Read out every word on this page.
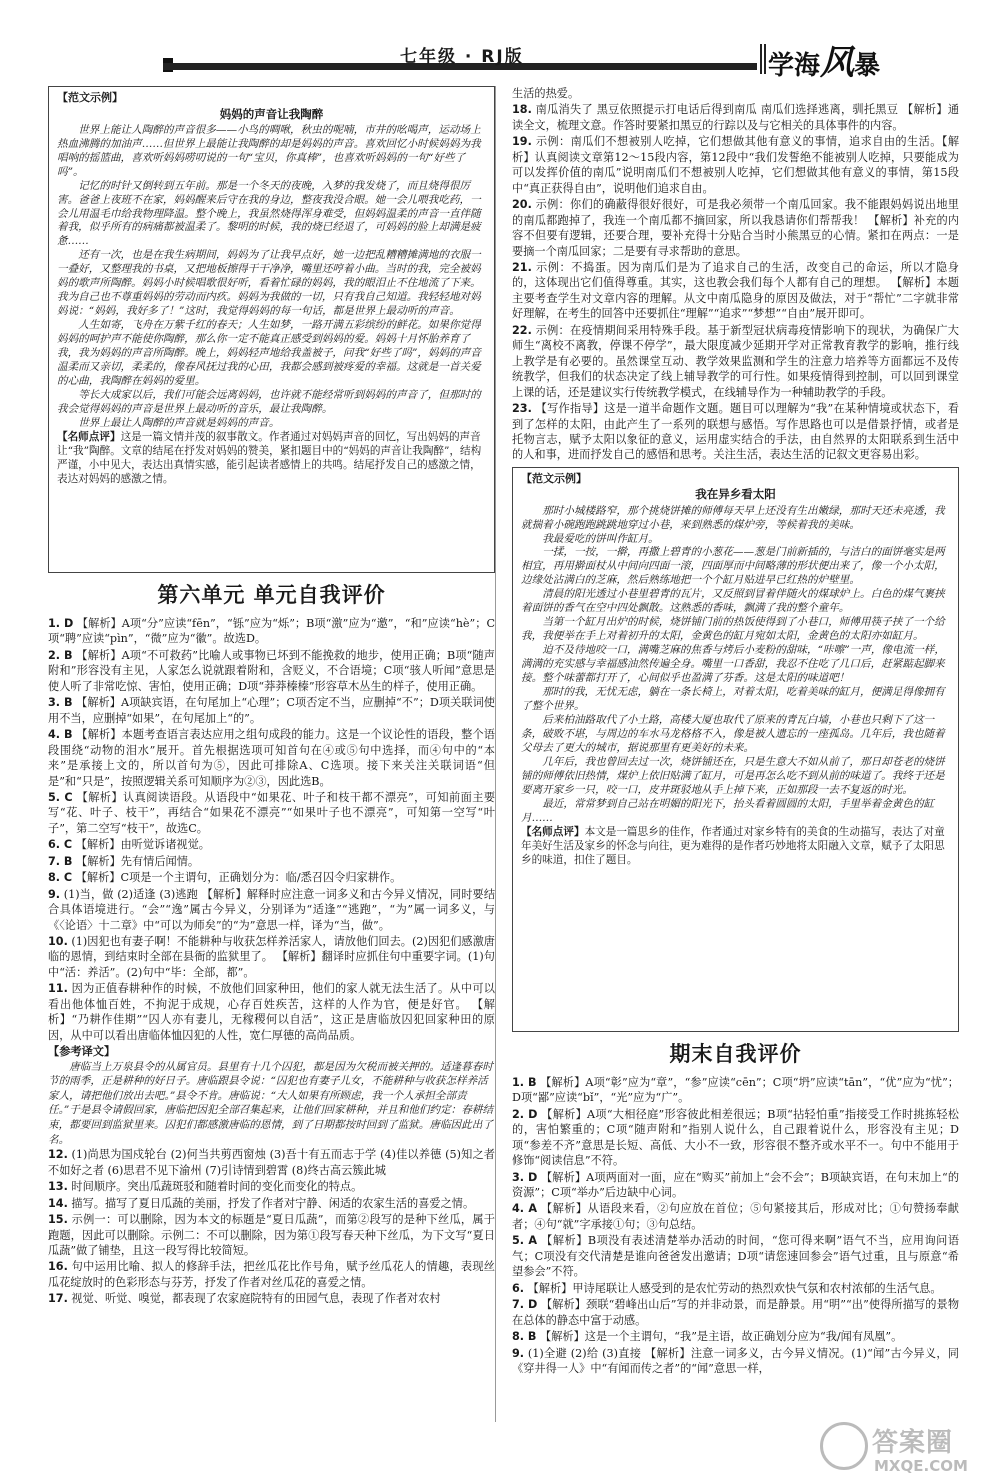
七年级 · RJ版	学海风暴
【范文示例】
妈妈的声音让我陶醉

世界上能让人陶醉的声音很多——小鸟的啁啾，秋虫的呢喃，市井的吆喝声，运动场上热血沸腾的加油声……但世界上最能让我陶醉的却是妈妈的声音。喜欢回忆小时候妈妈为我唱响的摇篮曲，喜欢听妈妈唠叨说的一句“宝贝，你真棒”，也喜欢听妈妈的一句“好些了吗”。

记忆的时针又倒转到五年前。那是一个冬天的夜晚，入梦的我发烧了，而且烧得很厉害。爸爸上夜班不在家，妈妈醒来后守在我的身边，整夜我没合眼。她一会儿喂我吃药，一会儿用温毛巾给我物理降温。整个晚上，我虽然烧得浑身难受，但妈妈温柔的声音一直伴随着我，似乎所有的病痛都被温柔了。黎明的时候，我的烧已经退了，可妈妈的脸上却满是疲惫……

还有一次，也是在我生病期间，妈妈为了让我早点好，她一边把乱糟糟摊满地的衣服一一叠好，又整理我的书桌，又把地板擦得干干净净，嘴里还哼着小曲。当时的我，完全被妈妈的歌声所陶醉。妈妈小时候唱歌很好听，看着忙碌的妈妈，我的眼泪止不住地流了下来。我为自己也不尊重妈妈的劳动而内疚。妈妈为我做的一切，只有我自己知道。我轻轻地对妈妈说：“妈妈，我好多了！”这时，我觉得妈妈的每一句话，都是世界上最动听的声音。

人生如寄，飞舟在万紫千红的春天；人生如梦，一路开满五彩缤纷的鲜花。如果你觉得妈妈的呵护声不能使你陶醉，那么你一定不能真正感受到妈妈的爱。妈妈十月怀胎养育了我，我为妈妈的声音所陶醉。晚上，妈妈轻声地给我盖被子，问我“好些了吗”，妈妈的声音温柔而又亲切，柔柔的，像春风抚过我的心田，我都会感到被疼爱的幸福。这就是一首关爱的心曲，我陶醉在妈妈的爱里。

等长大成家以后，我们可能会远离妈妈，也许就不能经常听到妈妈的声音了，但那时的我会觉得妈妈的声音是世界上最动听的音乐，最让我陶醉。

世界上最让人陶醉的声音就是妈妈的声音。

【名师点评】这是一篇文情并茂的叙事散文。作者通过对妈妈声音的回忆，写出妈妈的声音让“我”陶醉。文章的结尾在抒发对妈妈的赞美，紧扣题目中的“妈妈的声音让我陶醉”，结构严谨，小中见大，表达出真情实感，能引起读者感情上的共鸣。结尾抒发自己的感激之情，表达对妈妈的感激之情。

第六单元 单元自我评价
1. D 【解析】A项“分”应读“fēn”，“铄”应为“烁”；B项“激”应为“邀”，“和”应读“hè”；C项“聘”应读“pìn”，“微”应为“徽”。故选D。
2. B 【解析】A项“不可救药”比喻人或事物已坏到不能挽救的地步，使用正确；B项“随声附和”形容没有主见，人家怎么说就跟着附和，含贬义，不合语境；C项“骇人听闻”意思是使人听了非常吃惊、害怕，使用正确；D项“莽莽榛榛”形容草木丛生的样子，使用正确。
3. B 【解析】A项缺宾语，在句尾加上“心理”；C项否定不当，应删掉“不”；D项关联词使用不当，应删掉“如果”，在句尾加上“的”。
4. B 【解析】本题考查语言表达应用之组句成段的能力。这是一个议论性的语段，整个语段围绕“动物的泪水”展开。首先根据选项可知首句在④或⑤句中选择，而④句中的“本来”是承接上文的，所以首句为⑤，因此可排除A、C选项。接下来关注关联词语“但是”和“只是”，按照逻辑关系可知顺序为②③，因此选B。
5. C 【解析】认真阅读语段。从语段中“如果花、叶子和枝干都不漂亮”，可知前面主要写“花、叶子、枝干”，再结合“如果花不漂亮”“如果叶子也不漂亮”，可知第一空写“叶子”，第二空写“枝干”，故选C。
6. C 【解析】由听觉诉诸视觉。
7. B 【解析】先有情后闻情。
8. C 【解析】C项是一个主谓句，正确划分为：临/悉召囚令归家耕作。
9. (1)当，做 (2)适逢 (3)逃跑 【解析】解释时应注意一词多义和古今异义情况，同时要结合具体语境进行。“会”“逸”属古今异义，分别译为“适逢”“逃跑”，“为”属一词多义，与《〈论语〉十二章》中“可以为师矣”的“为”意思一样，译为“当，做”。
10. (1)因犯也有妻子啊！不能耕种与收获怎样养活家人，请放他们回去。(2)因犯们感激唐临的恩情，到结束时全部在县衙的监狱里了。 【解析】翻译时应抓住句中重要字词。(1)句中“活：养活”。(2)句中“毕：全部，都”。
11. 因为正值春耕种作的时候，不放他们回家种田，他们的家人就无法生活了。从中可以看出他体恤百姓，不拘泥于成规，心存百姓疾苦，这样的人作为官，便是好官。 【解析】“乃耕作佳期”“囚人亦有妻儿，无稼稷何以自活”，这正是唐临放囚犯回家种田的原因，从中可以看出唐临体恤囚犯的人性，宽仁厚德的高尚品质。
【参考译文】
唐临当上万泉县令的从属官员。县里有十几个囚犯，都是因为欠税而被关押的。适逢暮春时节的雨季，正是耕种的好日子。唐临跟县令说：“囚犯也有妻子儿女，不能耕种与收获怎样养活家人，请把他们放出去吧。”县令不肯。唐临说：“大人如果有所顾虑，我一个人承担全部责任。”于是县令请假回家，唐临把因犯全部召集起来，让他们回家耕种，并且和他们约定：春耕结束，都要回到监狱里来。囚犯们都感激唐临的恩情，到了日期都按时回到了监狱。唐临因此出了名。
12. (1)尚思为国戍轮台 (2)何当共剪西窗烛 (3)吾十有五而志于学 (4)佳以养德 (5)知之者不如好之者 (6)思君不见下渝州 (7)引诗情到碧霄 (8)终古高云簇此城
13. 时间顺序。突出瓜蔬斑驳和随着时间的变化而变化的特点。
14. 描写。描写了夏日瓜蔬的美丽，抒发了作者对宁静、闲适的农家生活的喜爱之情。
15. 示例一：可以删除，因为本文的标题是“夏日瓜蔬”，而第②段写的是种下丝瓜，属于跑题，因此可以删除。示例二：不可以删除，因为第①段写春天种下丝瓜，为下文写“夏日瓜蔬”做了铺垫，且这一段写得比较简短。
16. 句中运用比喻、拟人的修辞手法，把丝瓜花比作号角，赋予丝瓜花人的情趣，表现丝瓜花绽放时的色彩形态与芬芳，抒发了作者对丝瓜花的喜爱之情。
17. 视觉、听觉、嗅觉，都表现了农家庭院特有的田园气息，表现了作者对农村
生活的热爱。
18. 南瓜消失了 黑豆依照提示打电话后得到南瓜 南瓜们选择逃离，驯托黑豆 【解析】通读全文，梳理文意。作答时要紧扣黑豆的行踪以及与它相关的具体事件的内容。
19. 示例：南瓜们不想被别人吃掉，它们想做其他有意义的事情，追求自由的生活。【解析】认真阅读文章第12～15段内容，第12段中“我们发誓绝不能被别人吃掉，只要能成为可以发挥价值的南瓜”说明南瓜们不想被别人吃掉，它们想做其他有意义的事情，第15段中“真正获得自由”，说明他们追求自由。
20. 示例：你们的确蔽得很好很好，可是我必须带一个南瓜回家。我不能跟妈妈说出地里的南瓜都跑掉了，我连一个南瓜都不摘回家，所以我恳请你们帮帮我！ 【解析】补充的内容不但要有逻辑，还要合理，要补充得十分贴合当时小熊黑豆的心情。紧扣在两点：一是要摘一个南瓜回家；二是要有寻求帮助的意思。
21. 示例：不捣蛋。因为南瓜们是为了追求自己的生活，改变自己的命运，所以才隐身的，这体现出它们值得尊重。其实，这也教会我们每个人都有自己的理想。 【解析】本题主要考查学生对文章内容的理解。从文中南瓜隐身的原因及做法，对于“帮忙”二字就非常好理解，在考生的回答中还要抓住“理解”“追求”“梦想”“自由”展开即可。
22. 示例：在疫情期间采用特殊手段。基于新型冠状病毒疫情影响下的现状，为确保广大师生“离校不离教，停课不停学”，最大限度减少延期开学对正常教育教学的影响，推行线上教学是有必要的。虽然课堂互动、教学效果监测和学生的注意力培养等方面都远不及传统教学，但我们的状态决定了线上辅导教学的可行性。如果疫情得到控制，可以回到课堂上课的话，还是建议实行传统教学模式，在线辅导作为一种辅助教学的手段。
23. 【写作指导】这是一道半命题作文题。题目可以理解为“我”在某种情境或状态下，看到了怎样的太阳，由此产生了一系列的联想与感悟。写作思路也可以是借景抒情，或者是托物言志，赋予太阳以象征的意义，运用虚实结合的手法，由自然界的太阳联系到生活中的人和事，进而抒发自己的感悟和思考。关注生活，表达生活的记叙文更容易出彩。
【范文示例】
我在异乡看太阳

那时小城楼路窄，那个挑烧饼摊的师傅每天早上还没有生出嫩绿，那时天还未亮透，我就揣着小碗跑跑跳跳地穿过小巷，来到熟悉的煤炉旁，等候着我的美味。

我最爱吃的饼叫作缸月。

一揉，一按，一擀，再撒上碧青的小葱花——葱是门前新插的，与洁白的面饼毫实是两相宜，再用擀面杖从中间向四面一滚，四面厚而中间略薄的形状便出来了，像一个小太阳，边缘处沾满白的芝麻，然后熟练地把一个个缸月贴进早已红热的炉壁里。

清晨的阳光透过小巷里碧青的瓦片，又反照到冒着伴随火的煤球炉上。白色的煤气裹挟着面饼的香气在空中四处飘散。这熟悉的香味，飘满了我的整个童年。

当第一个缸月出炉的时候，烧饼铺门前的热饭使得到了小巷口，师傅用筷子挟了一个给我，我便举在手上对着初升的太阳，金黄色的缸月宛如太阳，金黄色的太阳亦如缸月。

迫不及待地咬一口，满嘴芝麻的焦香与烤后小麦粉的甜味，“咔嚓”一声，像电流一样，满满的充实感与幸福感油然传遍全身。嘴里一口香甜，我忍不住吃了几口后，赶紧踮起脚来接。整个味蕾都打开了，心间似乎也盈满了芬香。这是太阳的味道吧！

那时的我，无忧无虑，躺在一条长椅上，对着太阳，吃着美味的缸月，便满足得像拥有了整个世界。

后来柏油路取代了小土路，高楼大厦也取代了原来的青瓦白墙，小巷也只剩下了这一条，破败不堪，与周边的车水马龙格格不入，像是被人遗忘的一座孤岛。几年后，我也随着父母去了更大的城市，据说那里有更美好的未来。

几年后，我也曾回去过一次，烧饼铺还在，只是生意大不如从前了，那日却苍老的烧饼铺的师傅依旧热情，煤炉上依旧贴满了缸月，可是再怎么吃不到从前的味道了。我终于还是要离开家乡一只，咬一口，皮井斑驳地从手上掉下来，正如那段一去不复返的时光。

最近，常常梦到自己站在明媚的阳光下，抬头看着圆圆的太阳，手里举着金黄色的缸月……

【名师点评】本文是一篇思乡的佳作，作者通过对家乡特有的美食的生动描写，表达了对童年美好生活及家乡的怀念与向往，更为难得的是作者巧妙地将太阳融入文章，赋予了太阳思乡的味道，扣住了题目。

期末自我评价
1. B 【解析】A项“彰”应为“章”，“参”应读“cēn”；C项“坍”应读“tān”，“优”应为“忧”；D项“鄙”应读“bǐ”，“光”应为“广”。
2. D 【解析】A项“大相径庭”形容彼此相差很远；B项“拈轻怕重”指接受工作时挑拣轻松的，害怕繁重的；C项“随声附和”指别人说什么，自己跟着说什么，形容没有主见；D项“参差不齐”意思是长短、高低、大小不一致，形容很不整齐或水平不一。句中不能用于修饰“阅读信息”不符。
3. D 【解析】A项两面对一面，应在“购买”前加上“会不会”；B项缺宾语，在句末加上“的资源”；C项“举办”后边缺中心词。
4. A 【解析】从语段来看，②句应放在首位；⑤句紧接其后，形成对比；①句赞扬奉献者；④句“就”字承接①句；③句总结。
5. A 【解析】B项没有表述清楚举办活动的时间，“您可得来啊”语气不当，应用询问语气；C项没有交代清楚是谁向爸爸发出邀请；D项“请您速回参会”语气过重，且与原意“希望参会”不符。
6. 【解析】甲诗尾联让人感受到的是农忙劳动的热烈欢快气氛和农村浓郁的生活气息。
7. D 【解析】颈联“碧峰出山后”写的并非动景，而是静景。用“明”“出”使得所描写的景物在总体的静态中富于动感。
8. B 【解析】这是一个主谓句，“我”是主语，故正确划分应为“我/闻有凤凰”。
9. (1)全避 (2)给 (3)直接 【解析】注意一词多义，古今异义情况。(1)“闻”古今异义，同《穿井得一人》中“有闻而传之者”的“闻”意思一样，
答案圈
MXQE.COM
